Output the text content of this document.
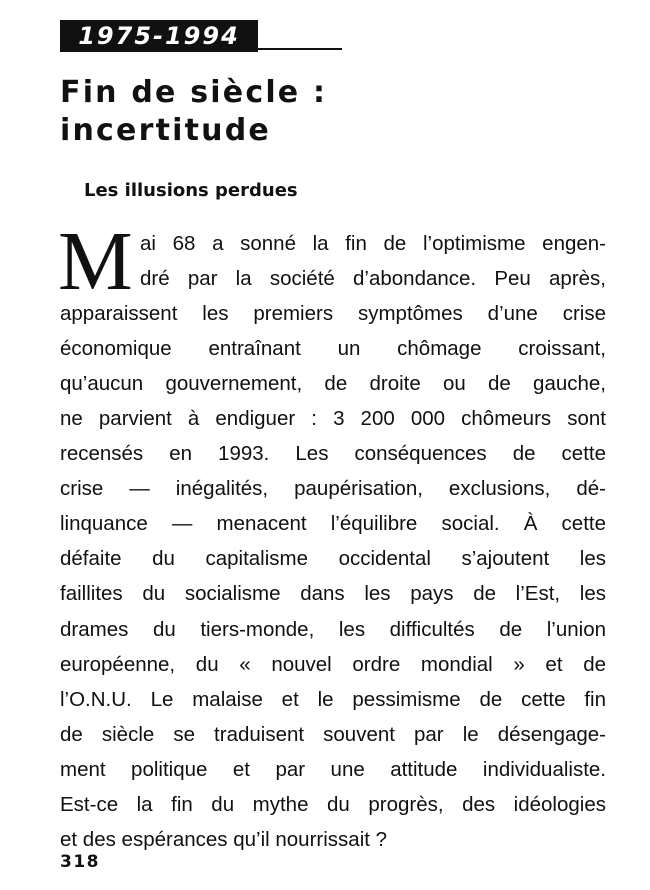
1975-1994
Fin de siècle :
incertitude
Les illusions perdues
M ai 68 a sonné la fin de l’optimisme engen-
dré par la société d’abondance. Peu après,
apparaissent les premiers symptômes d’une crise
économique entraînant un chômage croissant,
qu’aucun gouvernement, de droite ou de gauche,
ne parvient à endiguer : 3 200 000 chômeurs sont
recensés en 1993. Les conséquences de cette
crise — inégalités, paupérisation, exclusions, dé-
linquance — menacent l’équilibre social. À cette
défaite du capitalisme occidental s’ajoutent les
faillites du socialisme dans les pays de l’Est, les
drames du tiers-monde, les difficultés de l’union
européenne, du « nouvel ordre mondial » et de
l’O.N.U. Le malaise et le pessimisme de cette fin
de siècle se traduisent souvent par le désengage-
ment politique et par une attitude individualiste.
Est-ce la fin du mythe du progrès, des idéologies
et des espérances qu’il nourrissait ?
318
